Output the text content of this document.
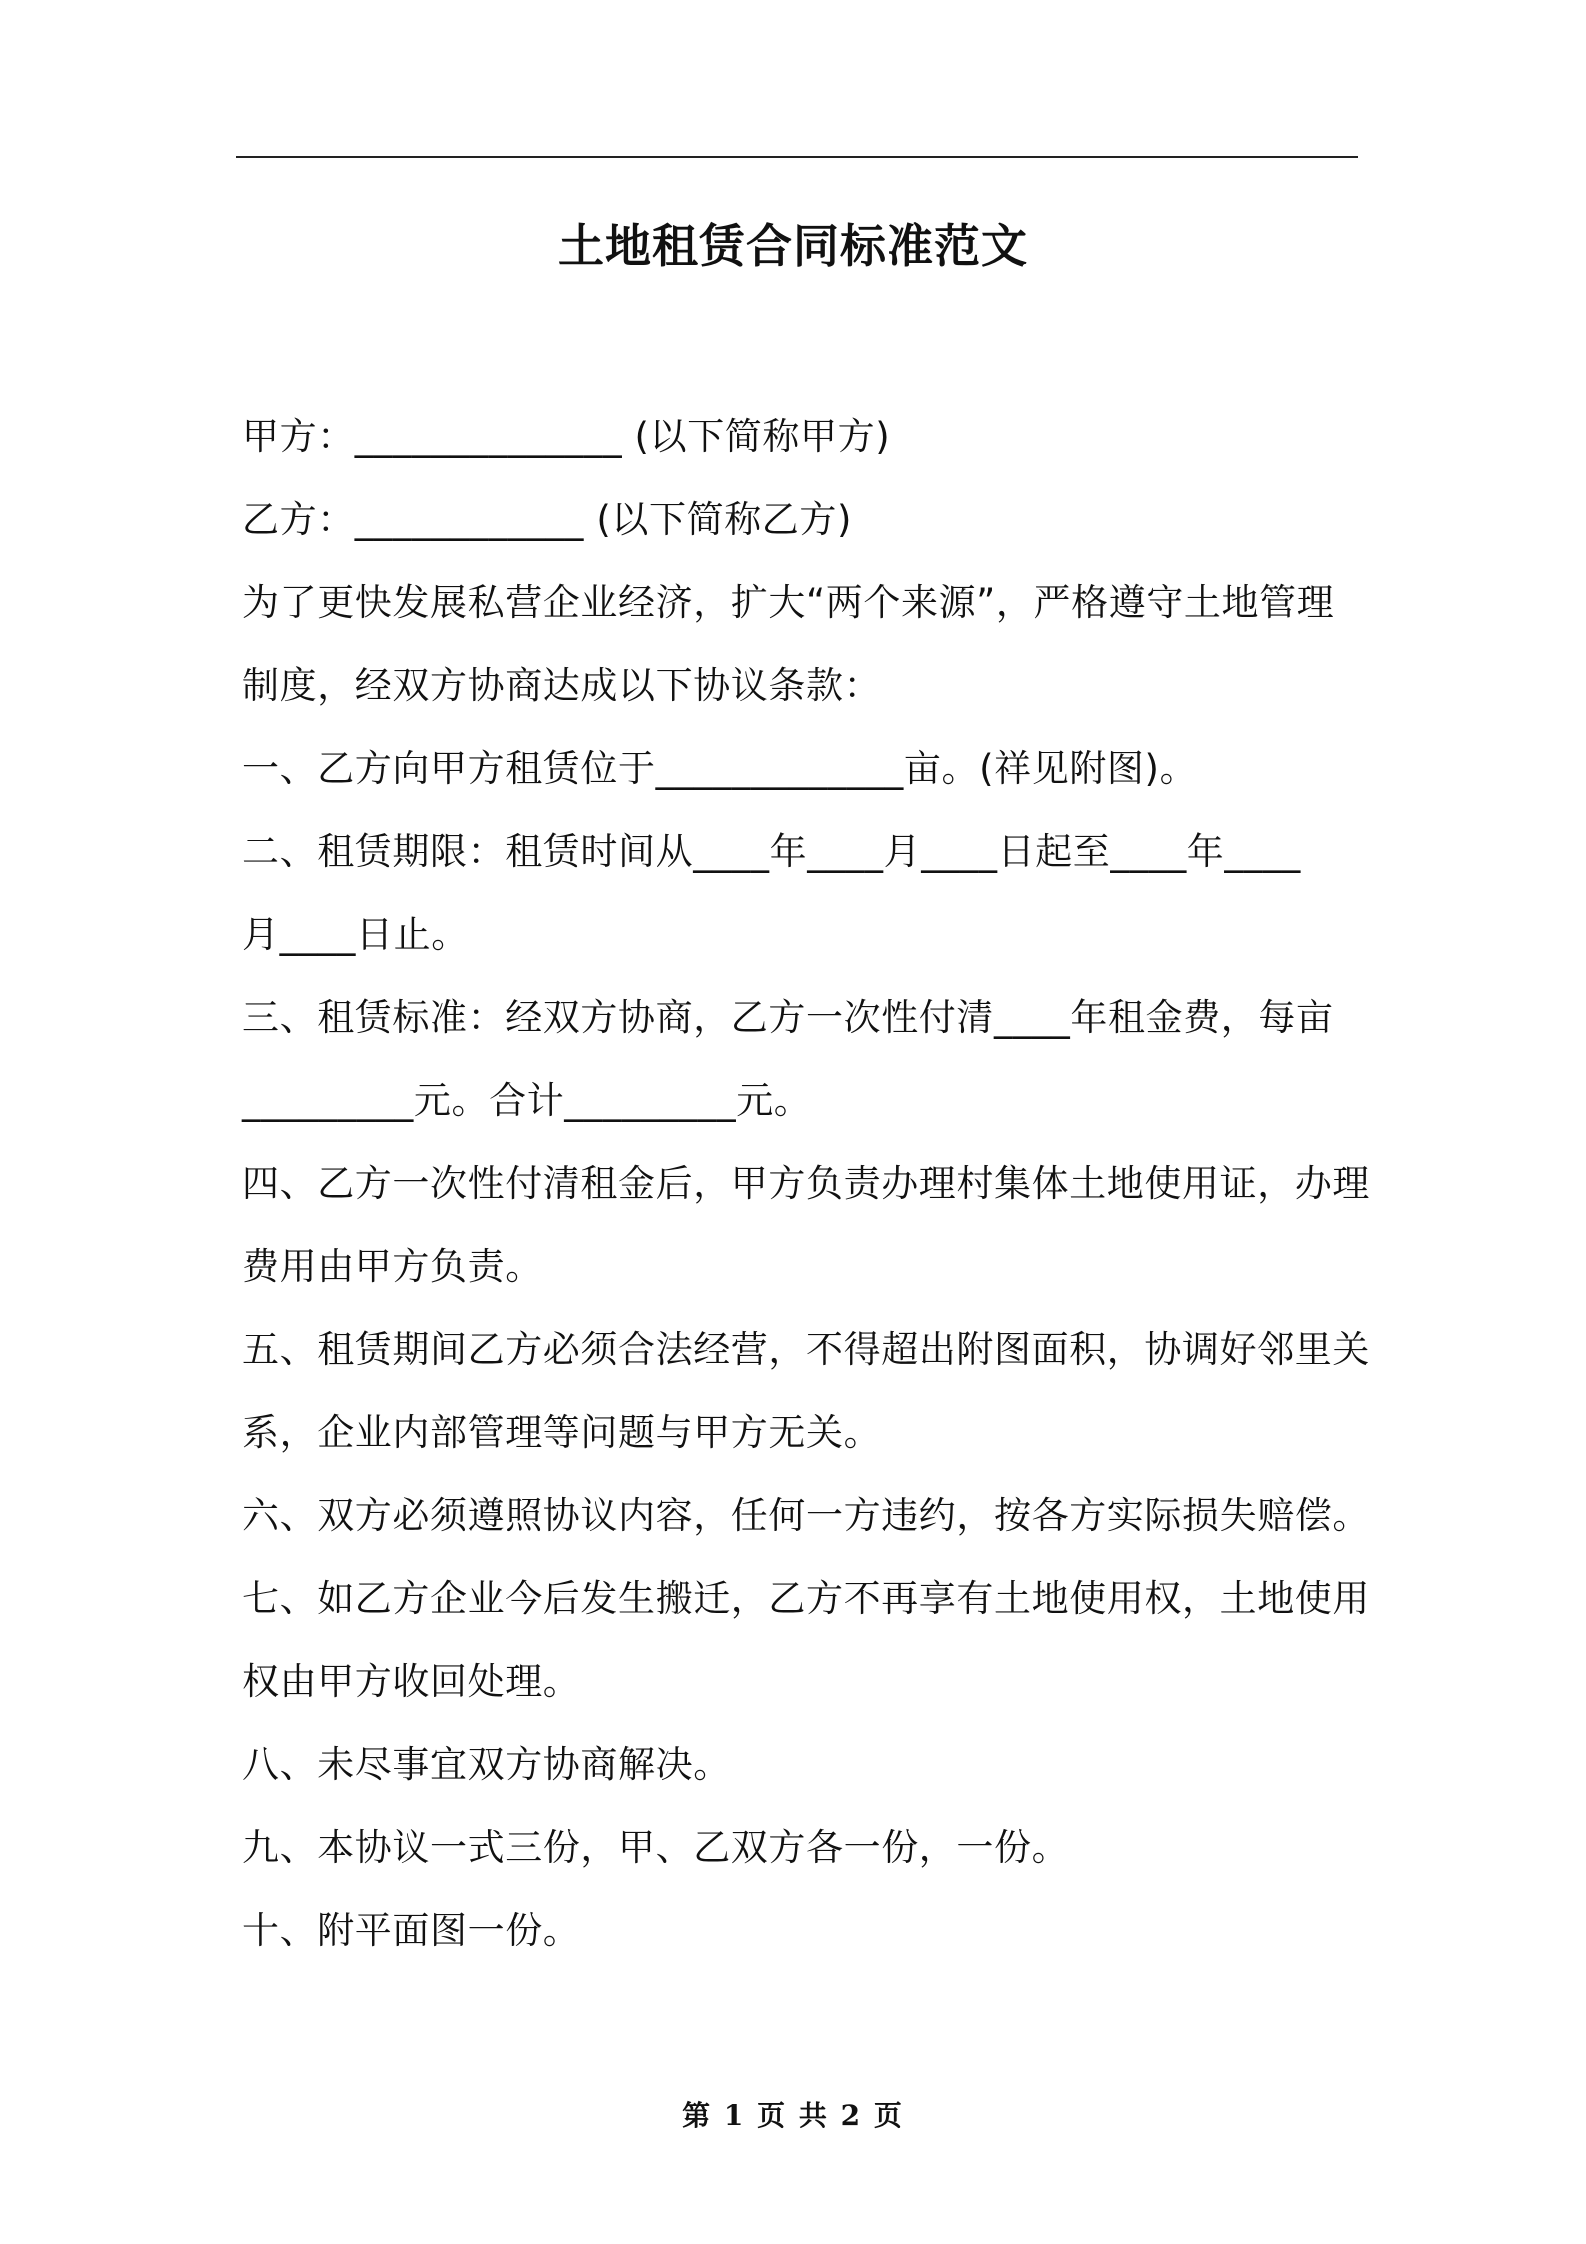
土地租赁合同标准范文
甲方：______________ (以下简称甲方)
乙方：____________ (以下简称乙方)
为了更快发展私营企业经济，扩大“两个来源”，严格遵守土地管理
制度，经双方协商达成以下协议条款：
一、乙方向甲方租赁位于_____________亩。(祥见附图)。
二、租赁期限：租赁时间从____年____月____日起至____年____
月____日止。
三、租赁标准：经双方协商，乙方一次性付清____年租金费，每亩
_________元。合计_________元。
四、乙方一次性付清租金后，甲方负责办理村集体土地使用证，办理
费用由甲方负责。
五、租赁期间乙方必须合法经营，不得超出附图面积，协调好邻里关
系，企业内部管理等问题与甲方无关。
六、双方必须遵照协议内容，任何一方违约，按各方实际损失赔偿。
七、如乙方企业今后发生搬迁，乙方不再享有土地使用权，土地使用
权由甲方收回处理。
八、未尽事宜双方协商解决。
九、本协议一式三份，甲、乙双方各一份，一份。
十、附平面图一份。
第 1 页 共 2 页
